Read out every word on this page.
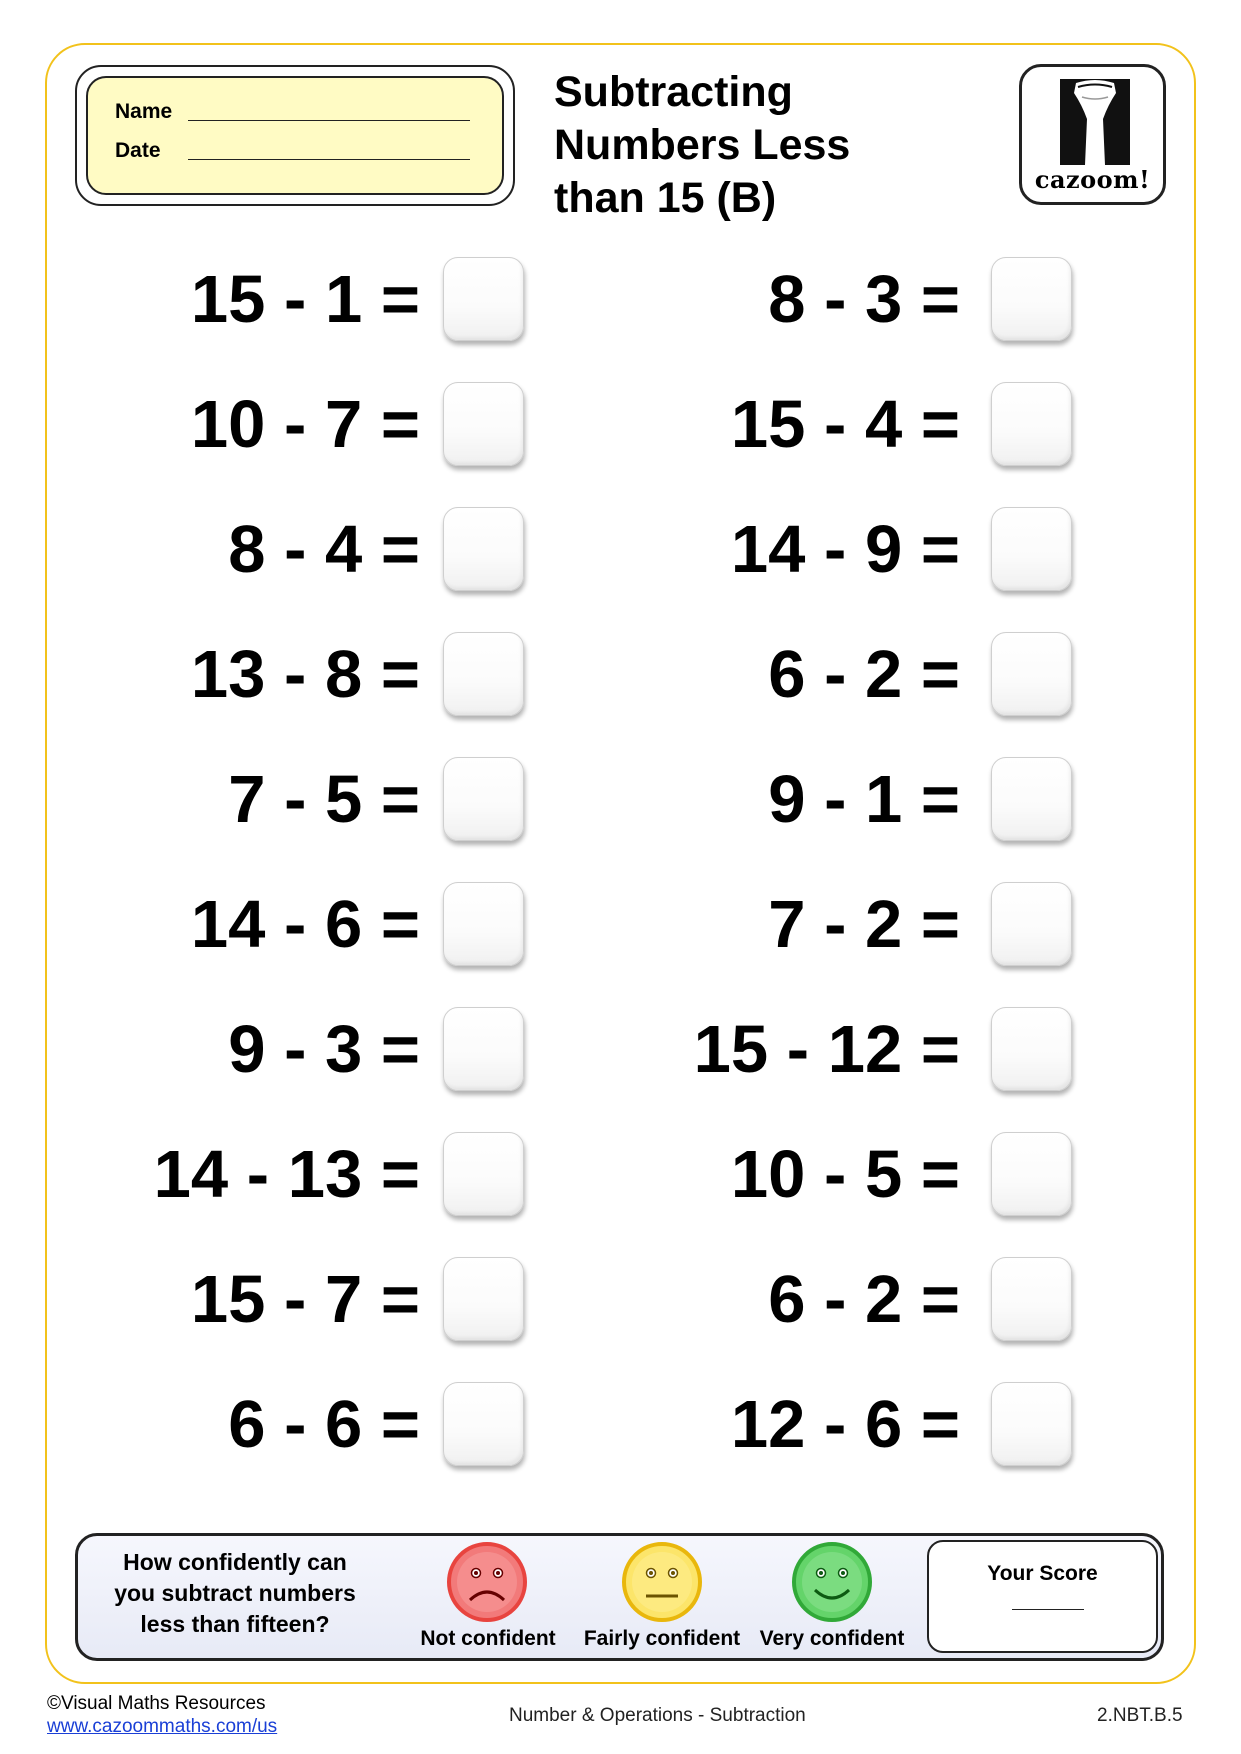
Name
Date
Subtracting
Numbers Less
than 15 (B)	cazoom!
15 - 1 =
10 - 7 =
8 - 4 =
13 - 8 =
7 - 5 =
14 - 6 =
9 - 3 =
14 - 13 =
15 - 7 =
6 - 6 =
8 - 3 =
15 - 4 =
14 - 9 =
6 - 2 =
9 - 1 =
7 - 2 =
15 - 12 =
10 - 5 =
6 - 2 =
12 - 6 =
How confidently can
you subtract numbers
less than fifteen?
Not confident	Fairly confident Very confident
Your Score
©Visual Maths Resources
www.cazoommaths.com/us
Number & Operations - Subtraction	2.NBT.B.5
